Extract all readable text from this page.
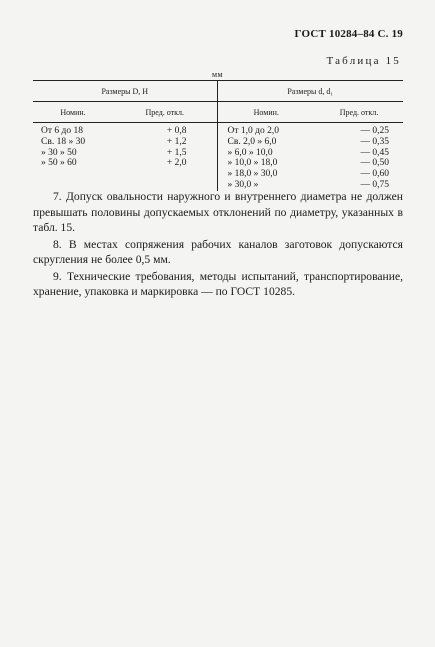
ГОСТ 10284–84 С. 19
Таблица 15
мм
Размеры D, H		Размеры d, d₁	
Номин.	Пред. откл.	Номин.	Пред. откл.
От 6 до 18	+ 0,8	От 1,0 до 2,0	— 0,25
Св. 18 » 30	+ 1,2	Св. 2,0 » 6,0	— 0,35
» 30 » 50	+ 1,5	» 6,0 » 10,0	— 0,45
» 50 » 60	+ 2,0	» 10,0 » 18,0	— 0,50
		» 18,0 » 30,0	— 0,60
		» 30,0 »	— 0,75

7. Допуск овальности наружного и внутреннего диаметра не должен превышать половины допускаемых отклонений по диаметру, указанных в табл. 15.

8. В местах сопряжения рабочих каналов заготовок допускаются скругления не более 0,5 мм.

9. Технические требования, методы испытаний, транспортирование, хранение, упаковка и маркировка — по ГОСТ 10285.
